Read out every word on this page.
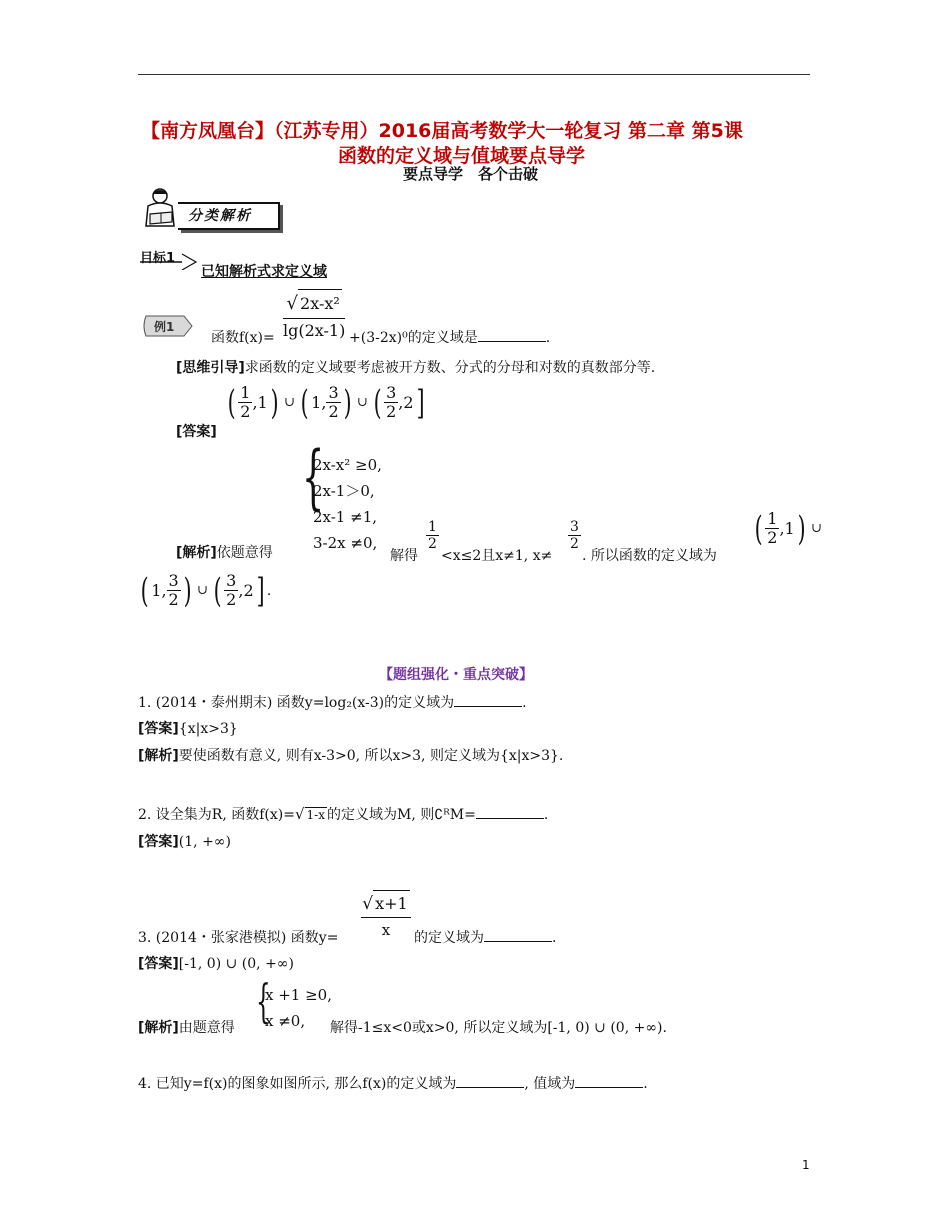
【南方凤凰台】（江苏专用）2016届高考数学大一轮复习 第二章 第5课
函数的定义域与值域要点导学
要点导学　各个击破
分类解析
目标1
已知解析式求定义域
例1
函数f(x)=
√ 2x-x²
lg(2x-1) +(3-2x)⁰的定义域是	.
[思维引导]求函数的定义域要考虑被开方数、分式的分母和对数的真数部分等.
[答案]
( $\frac{1}{2}$ , 1 ) ∪ ( 1 , $\frac{3}{2}$ ) ∪ ( $\frac{3}{2}$ , 2 ]
{
2x-x² ≥0,
2x-1＞0,
2x-1 ≠1,
3-2x ≠0,
[解析]依题意得	解得
$\frac{1}{2}$
<x≤2且x≠1, x≠
$\frac{3}{2}$
. 所以函数的定义域为
( $\frac{1}{2}$ , 1 ) ∪
( 1 , $\frac{3}{2}$ ) ∪ ( $\frac{3}{2}$ , 2 ] .
【题组强化・重点突破】
1. (2014・泰州期末) 函数y=log₂(x-3)的定义域为	.
[答案]{x|x>3}
[解析]要使函数有意义, 则有x-3>0, 所以x>3, 则定义域为{x|x>3}.
2. 设全集为R, 函数f(x)=√ 1-x 的定义域为M, 则∁ᴿM=	.
[答案](1, +∞)
√ x+1
x
3. (2014・张家港模拟) 函数y=	的定义域为	.
[答案][-1, 0) ∪ (0, +∞)
{
x +1 ≥0,
x ≠0,
[解析]由题意得	解得-1≤x<0或x>0, 所以定义域为[-1, 0) ∪ (0, +∞).
4. 已知y=f(x)的图象如图所示, 那么f(x)的定义域为	, 值域为	.
1
